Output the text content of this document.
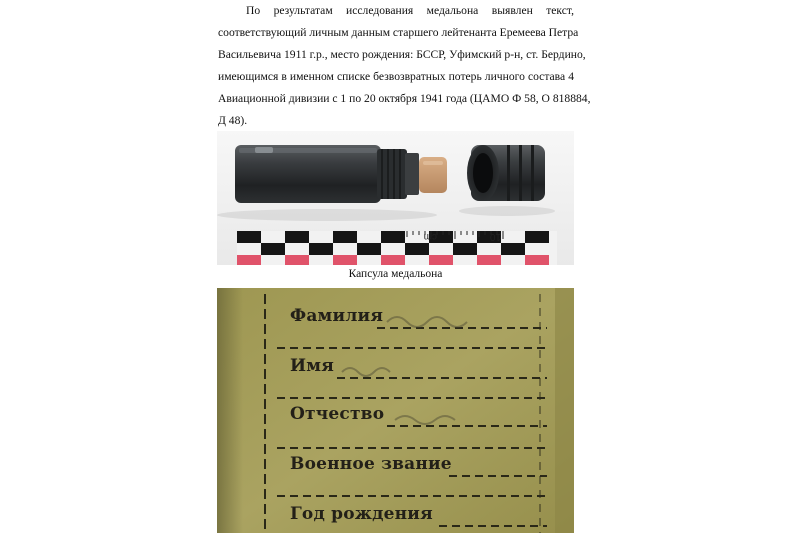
По результатам исследования медальона выявлен текст,
соответствующий личным данным старшего лейтенанта Еремеева Петра
Васильевича 1911 г.р., место рождения: БССР, Уфимский р-н, ст. Бердино,
имеющимся в именном списке безвозвратных потерь личного состава 4
Авиационной дивизии с 1 по 20 октября 1941 года (ЦАМО Ф 58, О 818884,
Д 48).
cm	10
Капсула медальона
Фамилия
Имя
Отчество
Военное звание
Год рождения
